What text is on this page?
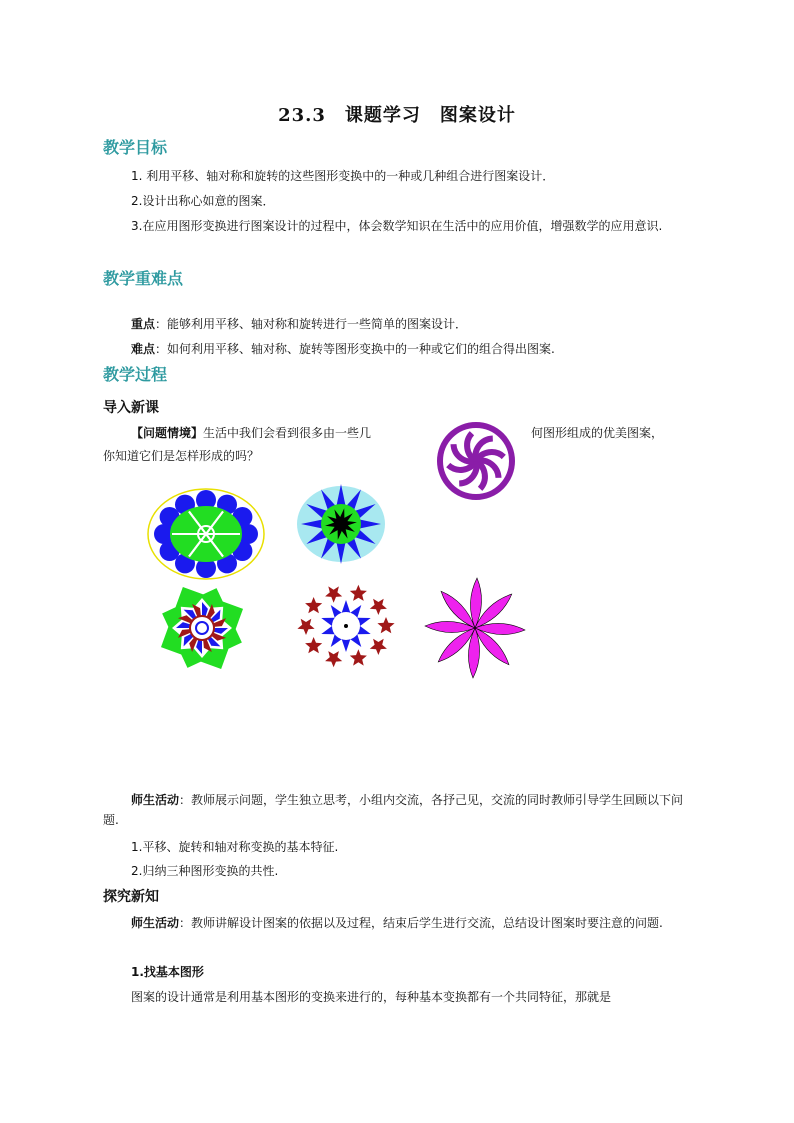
23.3　课题学习　图案设计
教学目标
1. 利用平移、轴对称和旋转的这些图形变换中的一种或几种组合进行图案设计．
2.设计出称心如意的图案．
3.在应用图形变换进行图案设计的过程中，体会数学知识在生活中的应用价值，增强数学的应用意识.
教学重难点
重点：能够利用平移、轴对称和旋转进行一些简单的图案设计．
难点：如何利用平移、轴对称、旋转等图形变换中的一种或它们的组合得出图案.
教学过程
导入新课
【问题情境】生活中我们会看到很多由一些几	何图形组成的优美图案，
你知道它们是怎样形成的吗？
师生活动：教师展示问题，学生独立思考，小组内交流，各抒己见，交流的同时教师引导学生回顾以下问题.
1.平移、旋转和轴对称变换的基本特征.
2.归纳三种图形变换的共性.
探究新知
师生活动：教师讲解设计图案的依据以及过程，结束后学生进行交流，总结设计图案时要注意的问题.
1.找基本图形
图案的设计通常是利用基本图形的变换来进行的，每种基本变换都有一个共同特征，那就是
